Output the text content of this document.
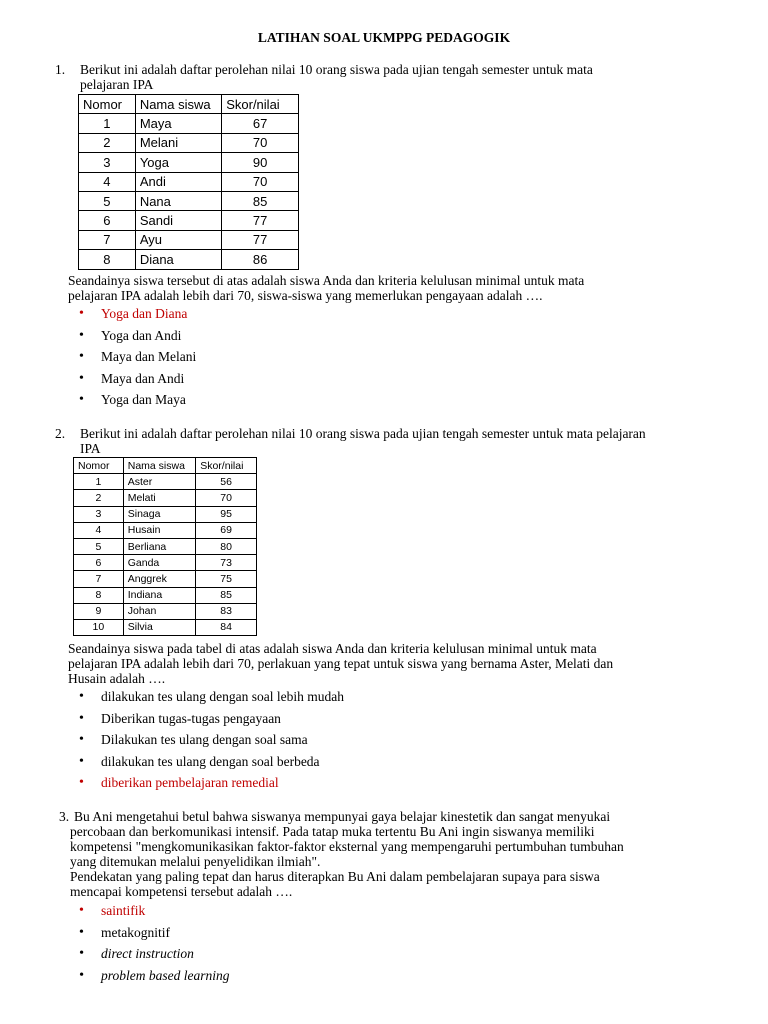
LATIHAN SOAL UKMPPG PEDAGOGIK
1. Berikut ini adalah daftar perolehan nilai 10 orang siswa pada ujian tengah semester untuk mata
pelajaran IPA
Nomor	Nama siswa	Skor/nilai
1	Maya	67
2	Melani	70
3	Yoga	90
4	Andi	70
5	Nana	85
6	Sandi	77
7	Ayu	77
8	Diana	86
Seandainya siswa tersebut di atas adalah siswa Anda dan kriteria kelulusan minimal untuk mata
pelajaran IPA adalah lebih dari 70, siswa-siswa yang memerlukan pengayaan adalah ….
• Yoga dan Diana
• Yoga dan Andi
• Maya dan Melani
• Maya dan Andi
• Yoga dan Maya
2. Berikut ini adalah daftar perolehan nilai 10 orang siswa pada ujian tengah semester untuk mata pelajaran
IPA
Nomor	Nama siswa	Skor/nilai
1	Aster	56
2	Melati	70
3	Sinaga	95
4	Husain	69
5	Berliana	80
6	Ganda	73
7	Anggrek	75
8	Indiana	85
9	Johan	83
10	Silvia	84
Seandainya siswa pada tabel di atas adalah siswa Anda dan kriteria kelulusan minimal untuk mata
pelajaran IPA adalah lebih dari 70, perlakuan yang tepat untuk siswa yang bernama Aster, Melati dan
Husain adalah ….
• dilakukan tes ulang dengan soal lebih mudah
• Diberikan tugas-tugas pengayaan
• Dilakukan tes ulang dengan soal sama
• dilakukan tes ulang dengan soal berbeda
• diberikan pembelajaran remedial
3. Bu Ani mengetahui betul bahwa siswanya mempunyai gaya belajar kinestetik dan sangat menyukai
percobaan dan berkomunikasi intensif. Pada tatap muka tertentu Bu Ani ingin siswanya memiliki
kompetensi "mengkomunikasikan faktor-faktor eksternal yang mempengaruhi pertumbuhan tumbuhan
yang ditemukan melalui penyelidikan ilmiah".
Pendekatan yang paling tepat dan harus diterapkan Bu Ani dalam pembelajaran supaya para siswa
mencapai kompetensi tersebut adalah ….
• saintifik
• metakognitif
• direct instruction
• problem based learning
